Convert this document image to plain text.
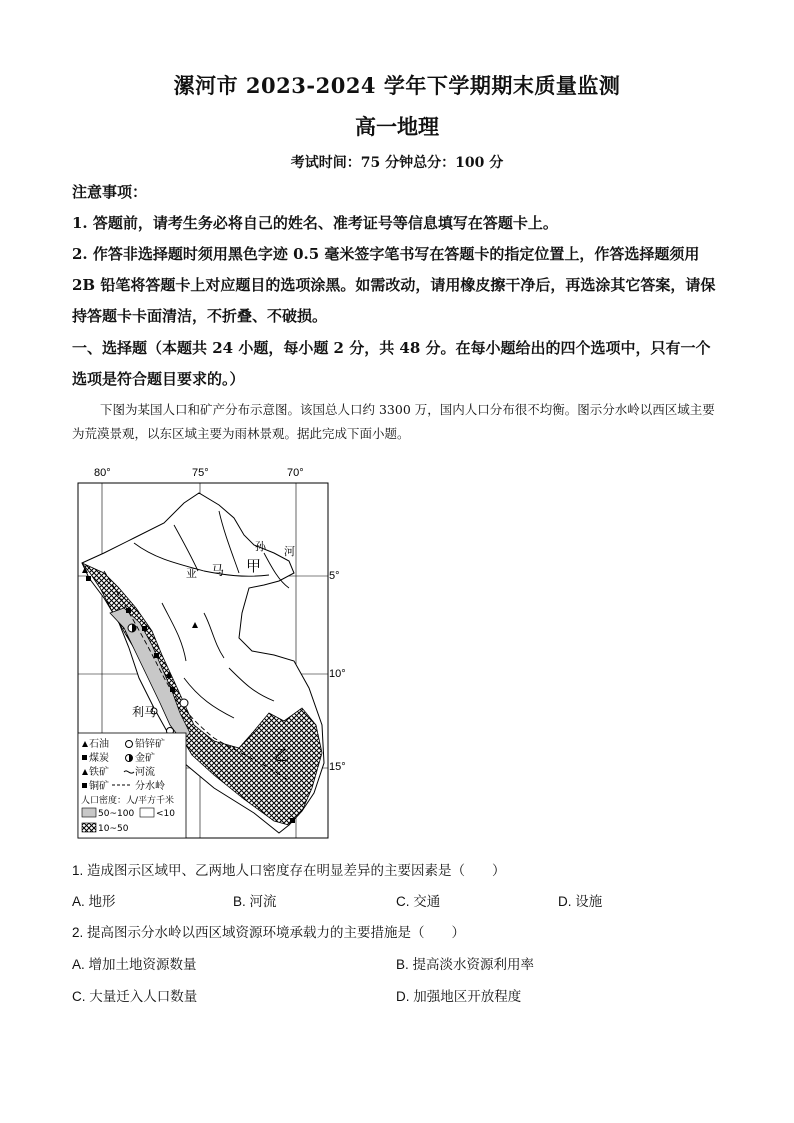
漯河市 2023-2024 学年下学期期末质量监测
高一地理
考试时间：75 分钟总分：100 分
注意事项：
1. 答题前，请考生务必将自己的姓名、准考证号等信息填写在答题卡上。
2. 作答非选择题时须用黑色字迹 0.5 毫米签字笔书写在答题卡的指定位置上，作答选择题须用 2B 铅笔将答题卡上对应题目的选项涂黑。如需改动，请用橡皮擦干净后，再选涂其它答案，请保持答题卡卡面清洁，不折叠、不破损。
一、选择题（本题共 24 小题，每小题 2 分，共 48 分。在每小题给出的四个选项中，只有一个选项是符合题目要求的。）
下图为某国人口和矿产分布示意图。该国总人口约 3300 万，国内人口分布很不均衡。图示分水岭以西区域主要为荒漠景观，以东区域主要为雨林景观。据此完成下面小题。
80°	75°	70°
5°
10°
15°
甲
乙
利马
亚 马
孙 河
石油	铅锌矿
煤炭	金矿
铁矿	河流
铜矿	分水岭
人口密度：人/平方千米
50~100 <10
10~50
1. 造成图示区域甲、乙两地人口密度存在明显差异的主要因素是（　　）
A. 地形	B. 河流	C. 交通	D. 设施
2. 提高图示分水岭以西区域资源环境承载力的主要措施是（　　）
A. 增加土地资源数量	B. 提高淡水资源利用率
C. 大量迁入人口数量	D. 加强地区开放程度
